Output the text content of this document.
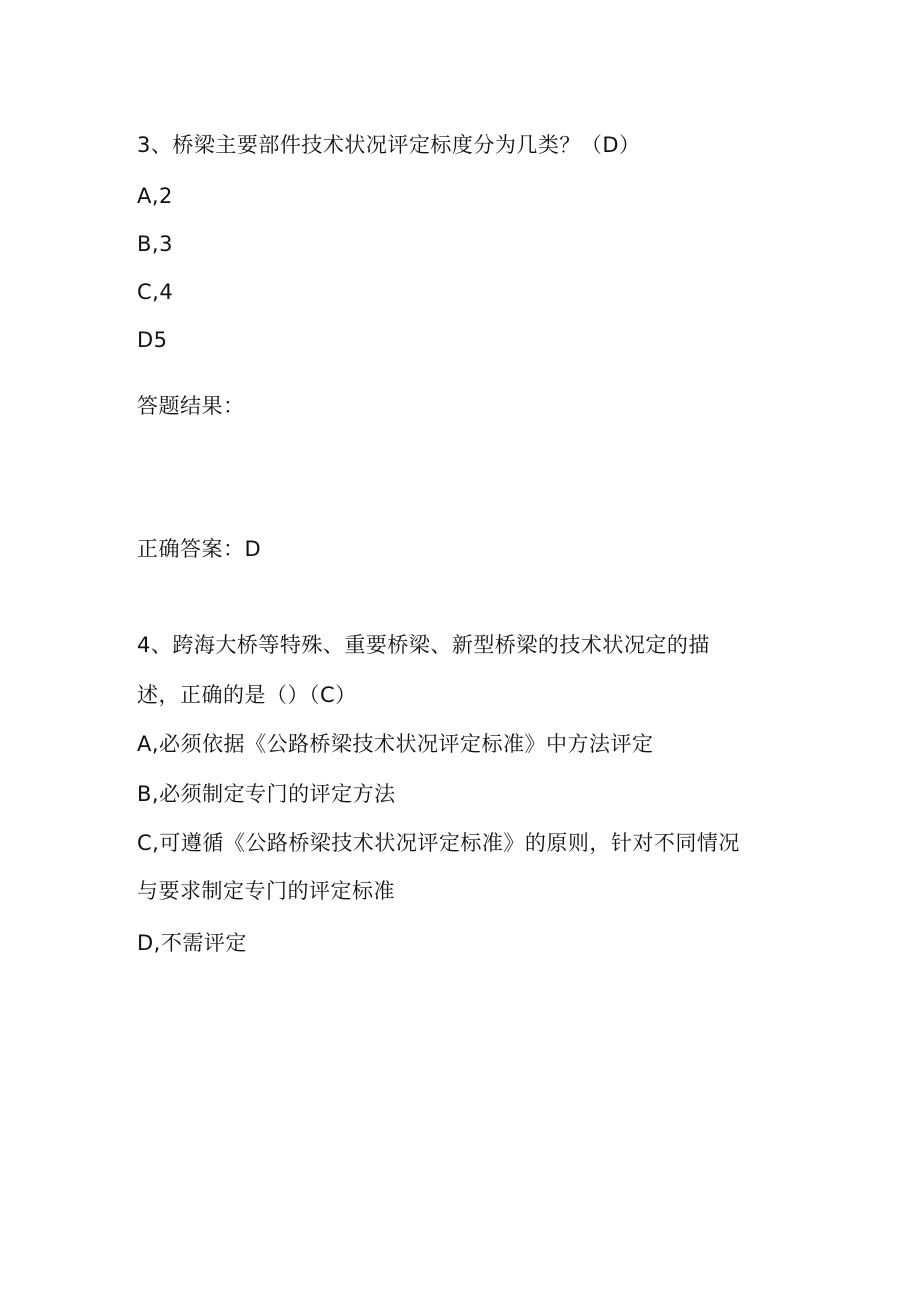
3、桥梁主要部件技术状况评定标度分为几类？（D）
A,2
B,3
C,4
D5
答题结果：
正确答案：D
4、跨海大桥等特殊、重要桥梁、新型桥梁的技术状况定的描
述，正确的是（）（C）
A,必须依据《公路桥梁技术状况评定标准》中方法评定
B,必须制定专门的评定方法
C,可遵循《公路桥梁技术状况评定标准》的原则，针对不同情况
与要求制定专门的评定标准
D,不需评定
